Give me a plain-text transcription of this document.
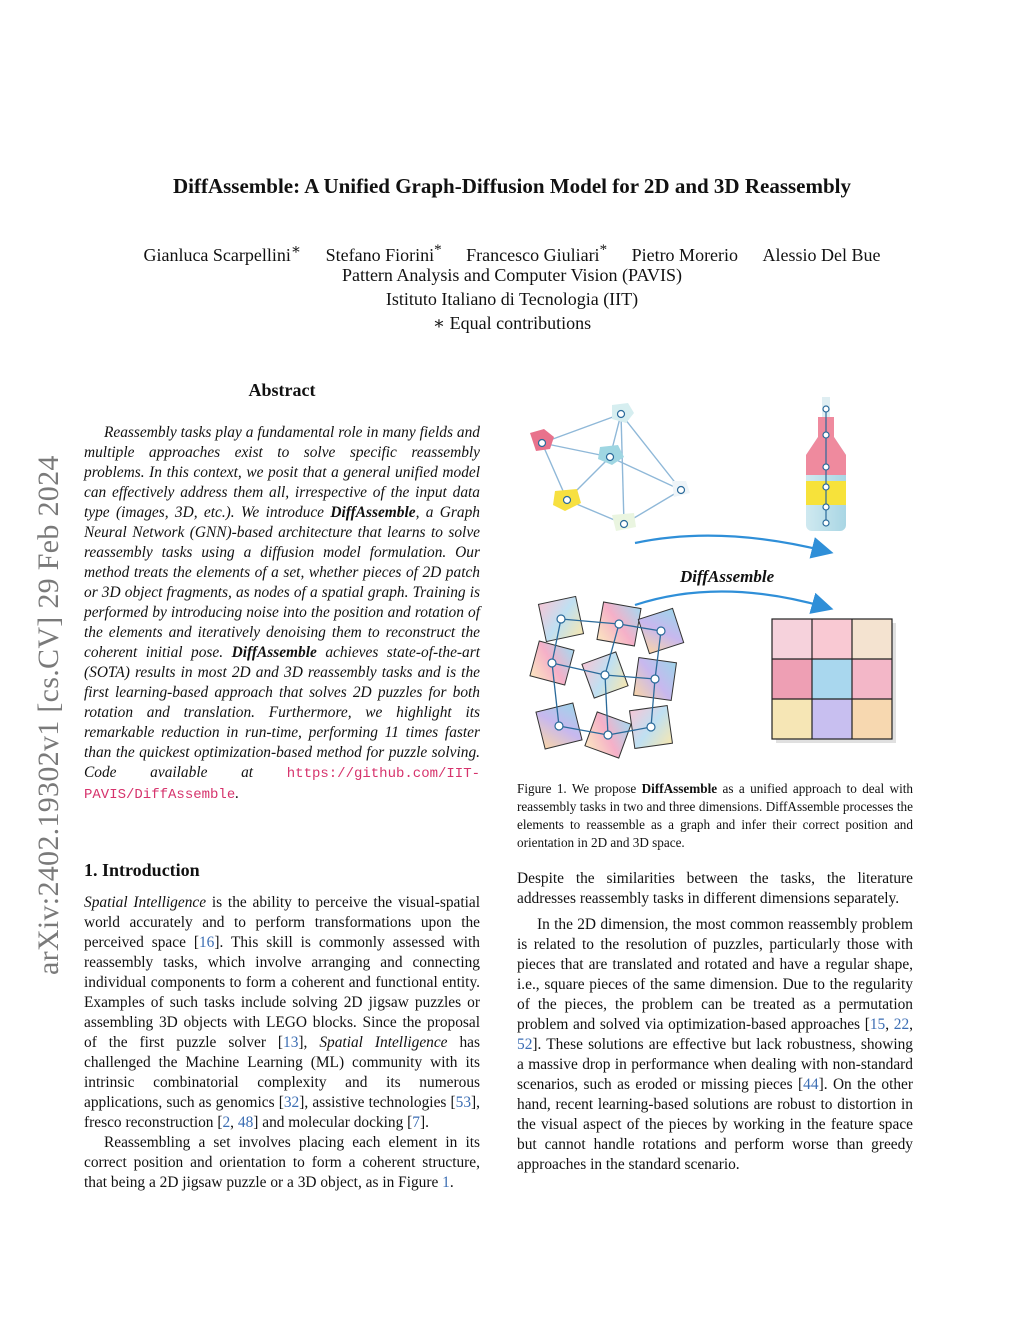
arXiv:2402.19302v1 [cs.CV] 29 Feb 2024
DiffAssemble: A Unified Graph-Diffusion Model for 2D and 3D Reassembly
Gianluca Scarpellini∗ Stefano Fiorini* Francesco Giuliari* Pietro Morerio Alessio Del Bue
Pattern Analysis and Computer Vision (PAVIS)
Istituto Italiano di Tecnologia (IIT)
∗ Equal contributions
Abstract

Reassembly tasks play a fundamental role in many fields and multiple approaches exist to solve specific reassembly problems. In this context, we posit that a general unified model can effectively address them all, irrespective of the input data type (images, 3D, etc.). We introduce DiffAssemble, a Graph Neural Network (GNN)-based architecture that learns to solve reassembly tasks using a diffusion model formulation. Our method treats the elements of a set, whether pieces of 2D patch or 3D object fragments, as nodes of a spatial graph. Training is performed by introducing noise into the position and rotation of the elements and iteratively denoising them to reconstruct the coherent initial pose. DiffAssemble achieves state-of-the-art (SOTA) results in most 2D and 3D reassembly tasks and is the first learning-based approach that solves 2D puzzles for both rotation and translation. Furthermore, we highlight its remarkable reduction in run-time, performing 11 times faster than the quickest optimization-based method for puzzle solving. Code available at https://github.com/IIT-PAVIS/DiffAssemble.

1. Introduction

Spatial Intelligence is the ability to perceive the visual-spatial world accurately and to perform transformations upon the perceived space [16]. This skill is commonly assessed with reassembly tasks, which involve arranging and connecting individual components to form a coherent and functional entity. Examples of such tasks include solving 2D jigsaw puzzles or assembling 3D objects with LEGO blocks. Since the proposal of the first puzzle solver [13], Spatial Intelligence has challenged the Machine Learning (ML) community with its intrinsic combinatorial complexity and its numerous applications, such as genomics [32], assistive technologies [53], fresco reconstruction [2, 48] and molecular docking [7].

Reassembling a set involves placing each element in its correct position and orientation to form a coherent structure, that being a 2D jigsaw puzzle or a 3D object, as in Figure 1.

DiffAssemble
Figure 1. We propose DiffAssemble as a unified approach to deal with reassembly tasks in two and three dimensions. DiffAssemble processes the elements to reassemble as a graph and infer their correct position and orientation in 2D and 3D space.

Despite the similarities between the tasks, the literature addresses reassembly tasks in different dimensions separately.

In the 2D dimension, the most common reassembly problem is related to the resolution of puzzles, particularly those with pieces that are translated and rotated and have a regular shape, i.e., square pieces of the same dimension. Due to the regularity of the pieces, the problem can be treated as a permutation problem and solved via optimization-based approaches [15, 22, 52]. These solutions are effective but lack robustness, showing a massive drop in performance when dealing with non-standard scenarios, such as eroded or missing pieces [44]. On the other hand, recent learning-based solutions are robust to distortion in the visual aspect of the pieces by working in the feature space but cannot handle rotations and perform worse than greedy approaches in the standard scenario.
